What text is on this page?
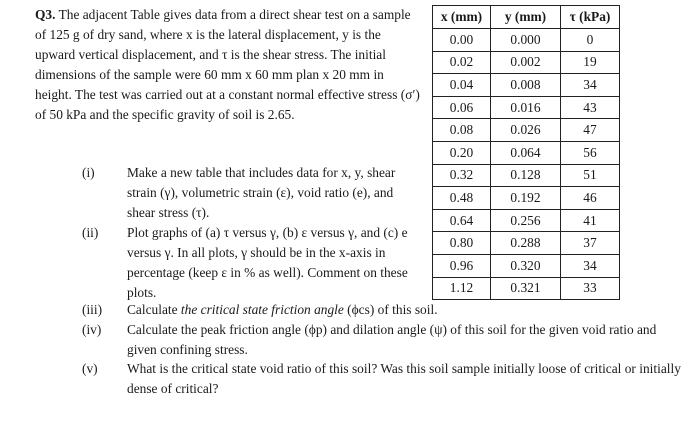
Q3. The adjacent Table gives data from a direct shear test on a sample of 125 g of dry sand, where x is the lateral displacement, y is the upward vertical displacement, and τ is the shear stress. The initial dimensions of the sample were 60 mm x 60 mm plan x 20 mm in height. The test was carried out at a constant normal effective stress (σ′) of 50 kPa and the specific gravity of soil is 2.65.

x (mm)	y (mm)	τ (kPa)
0.00	0.000	0
0.02	0.002	19
0.04	0.008	34
0.06	0.016	43
0.08	0.026	47
0.20	0.064	56
0.32	0.128	51
0.48	0.192	46
0.64	0.256	41
0.80	0.288	37
0.96	0.320	34
1.12	0.321	33
(i)	Make a new table that includes data for x, y, shear strain (γ), volumetric strain (ε), void ratio (e), and shear stress (τ).
(ii)	Plot graphs of (a) τ versus γ, (b) ε versus γ, and (c) e versus γ. In all plots, γ should be in the x-axis in percentage (keep ε in % as well). Comment on these plots.
(iii)	Calculate the critical state friction angle (ϕcs) of this soil.
(iv)	Calculate the peak friction angle (ϕp) and dilation angle (ψ) of this soil for the given void ratio and given confining stress.
(v)	What is the critical state void ratio of this soil? Was this soil sample initially loose of critical or initially dense of critical?
